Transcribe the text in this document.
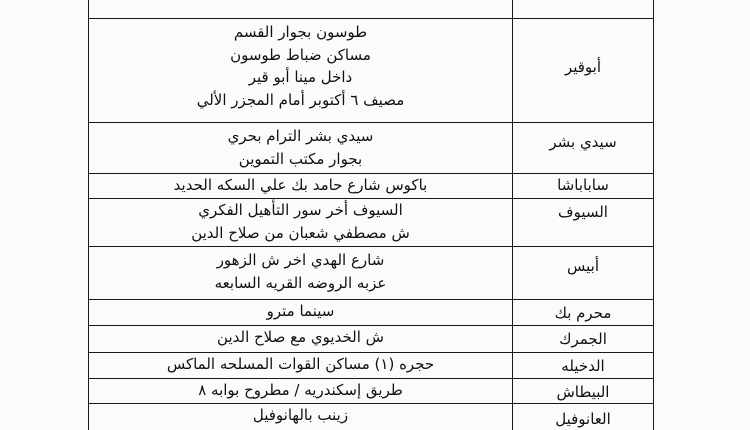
أبوقير	طوسون بجوار القسم
مساكن ضباط طوسون
داخل مينا أبو قير
مصيف ٦ أكتوبر أمام المجزر الألي

سيدي بشر	سيدي بشر الترام بحري
بجوار مكتب التموين

ساباباشا	باكوس شارع حامد بك علي السكه الحديد

السيوف	السيوف أخر سور التأهيل الفكري
ش مصطفي شعبان من صلاح الدين

أبيس	شارع الهدي اخر ش الزهور
عزبه الروضه القريه السابعه

محرم بك	سينما مترو

الجمرك	ش الخديوي مع صلاح الدين

الدخيله	حجره (١) مساكن القوات المسلحه الماكس

البيطاش	طريق إسكندريه / مطروح بوابه ٨

العانوفيل	زينب بالهانوفيل
